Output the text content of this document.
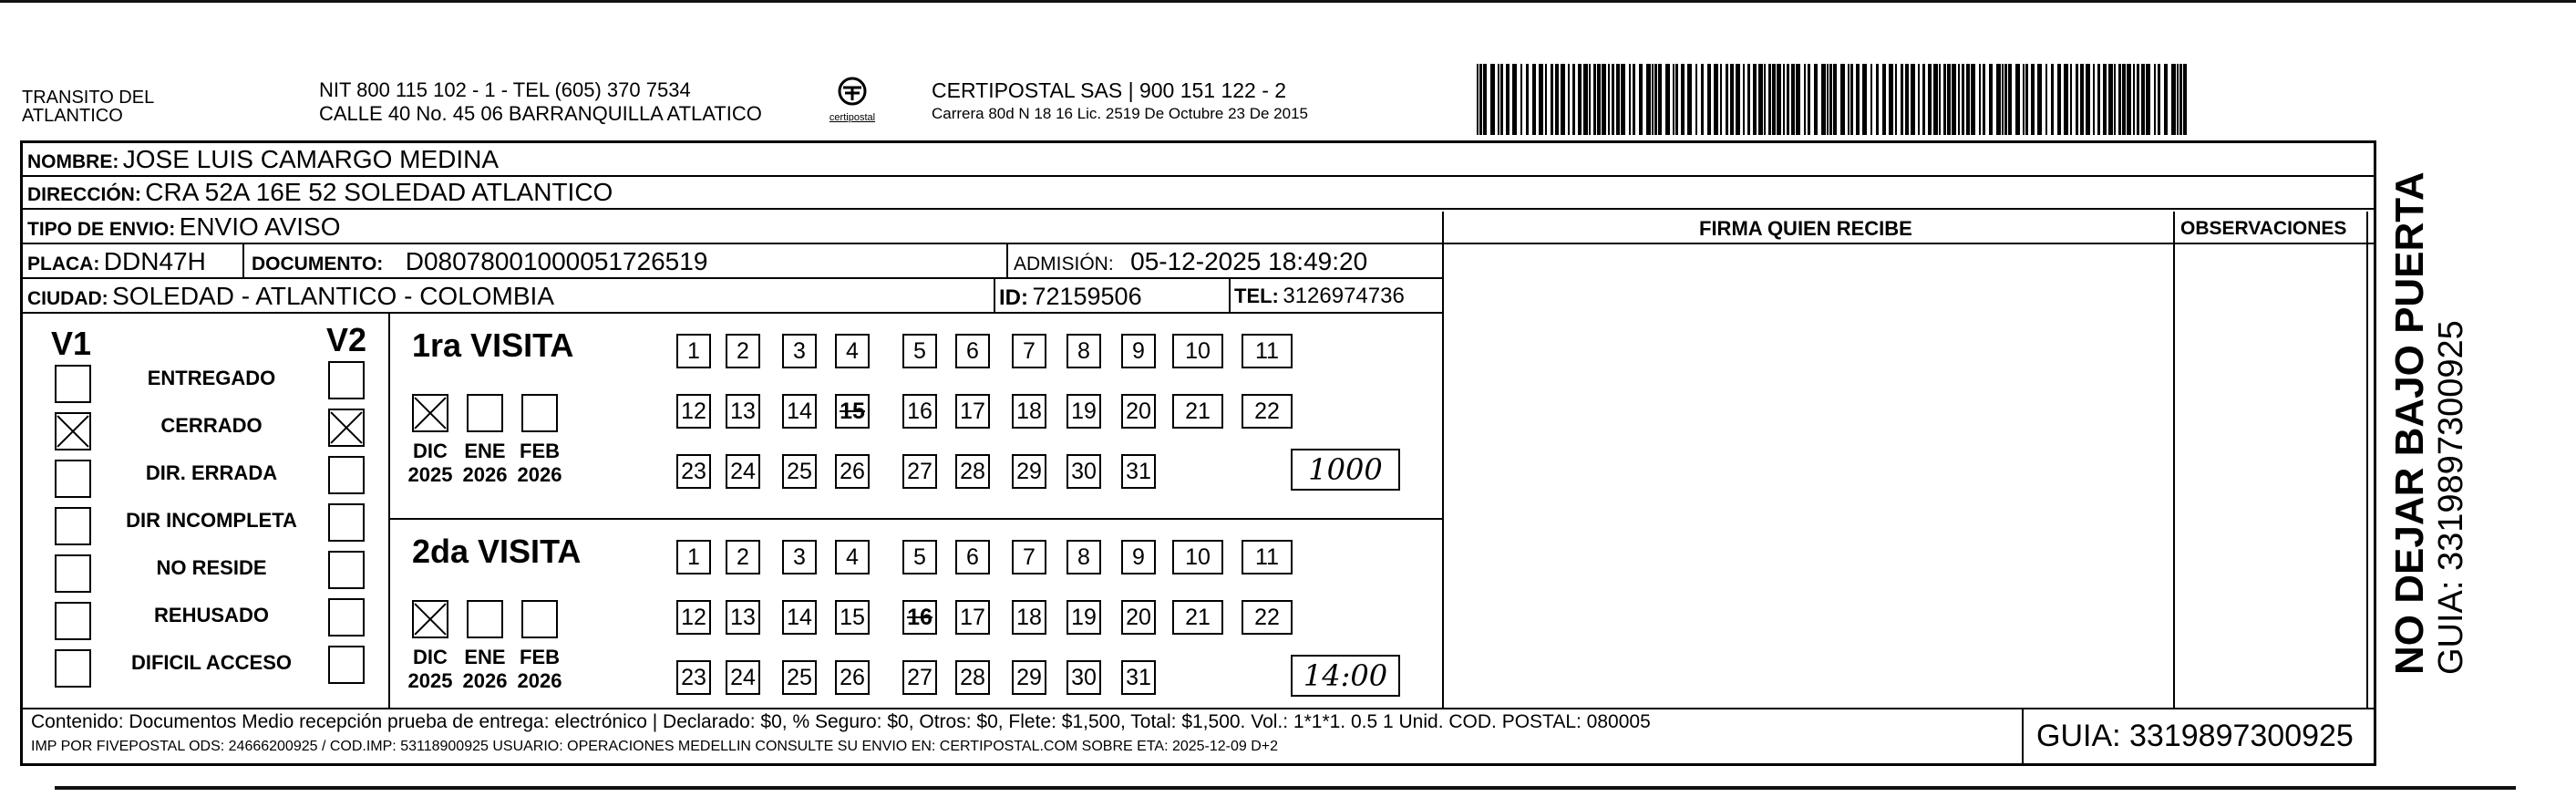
TRANSITO DEL
ATLANTICO
NIT 800 115 102 - 1 - TEL (605) 370 7534
CALLE 40 No. 45 06 BARRANQUILLA ATLATICO	certipostal
CERTIPOSTAL SAS | 900 151 122 - 2
Carrera 80d N 18 16 Lic. 2519 De Octubre 23 De 2015
NOMBRE: JOSE LUIS CAMARGO MEDINA
DIRECCIÓN: CRA 52A 16E 52 SOLEDAD ATLANTICO
TIPO DE ENVIO: ENVIO AVISO	FIRMA QUIEN RECIBE	OBSERVACIONES
PLACA: DDN47H DOCUMENTO: D08078001000051726519	ADMISIÓN: 05-12-2025 18:49:20
CIUDAD: SOLEDAD - ATLANTICO - COLOMBIA	ID: 72159506	TEL: 3126974736
V1	V2
ENTREGADO
CERRADO
DIR. ERRADA
DIR INCOMPLETA
NO RESIDE
REHUSADO
DIFICIL ACCESO
1ra VISITA
DIC
2025
ENE
2026
FEB
2026
1	2	3	4	5	6	7	8	9	10	11
12 13 14 15 16 17 18 19 20	21	22
23 24 25 26 27 28 29 30 31	1000
2da VISITA
DIC
2025
ENE
2026
FEB
2026
1	2	3	4	5	6	7	8	9	10	11
12 13 14 15 16 17 18 19 20	21	22
23 24 25 26 27 28 29 30 31	14:00
Contenido: Documentos Medio recepción prueba de entrega: electrónico | Declarado: $0, % Seguro: $0, Otros: $0, Flete: $1,500, Total: $1,500. Vol.: 1*1*1. 0.5 1 Unid. COD. POSTAL: 080005
IMP POR FIVEPOSTAL ODS: 24666200925 / COD.IMP: 53118900925 USUARIO: OPERACIONES MEDELLIN CONSULTE SU ENVIO EN: CERTIPOSTAL.COM SOBRE ETA: 2025-12-09 D+2	GUIA: 3319897300925
NO DEJAR BAJO PUERTA GUIA: 3319897300925
